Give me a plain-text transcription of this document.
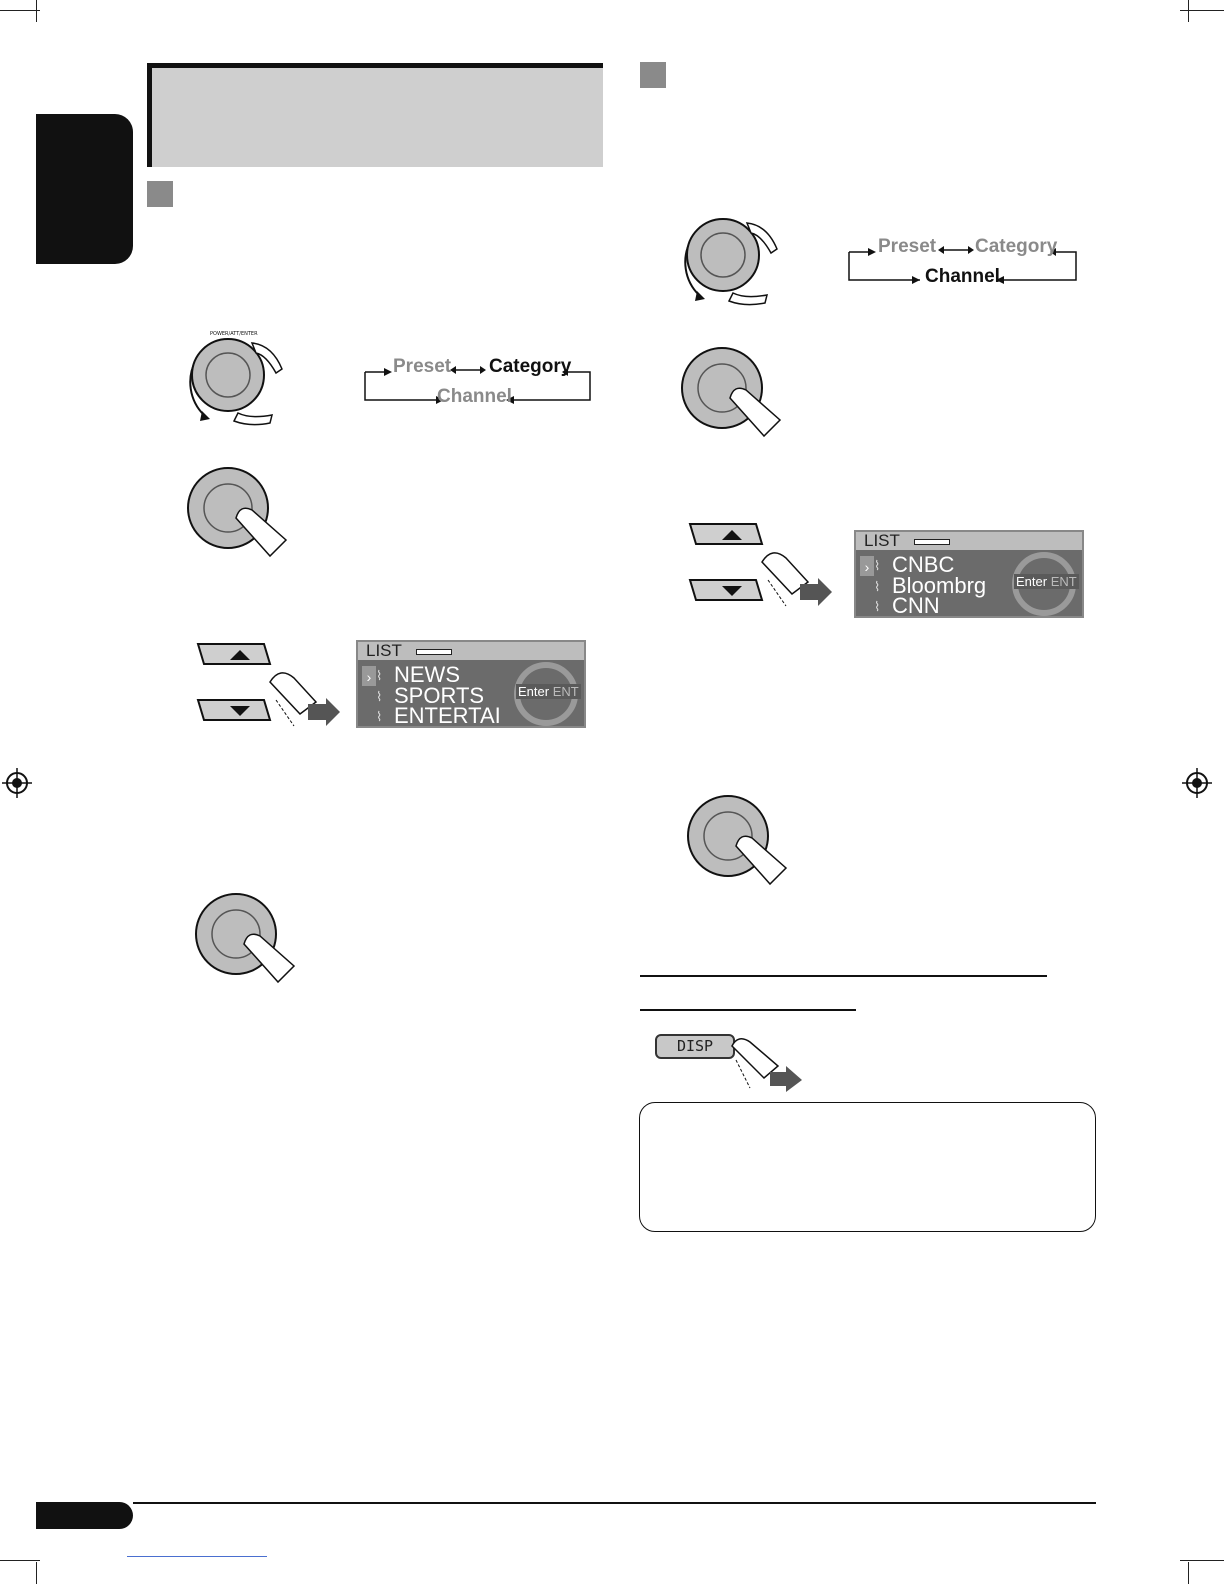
POWER/ATT/ENTER
Preset Category
Channel
LIST
› ⌇ NEWS
⌇ SPORTS
⌇ ENTERTAI
Enter ENT
Preset Category
Channel
LIST
› ⌇ CNBC
⌇ Bloombrg
⌇ CNN
Enter ENT
DISP
